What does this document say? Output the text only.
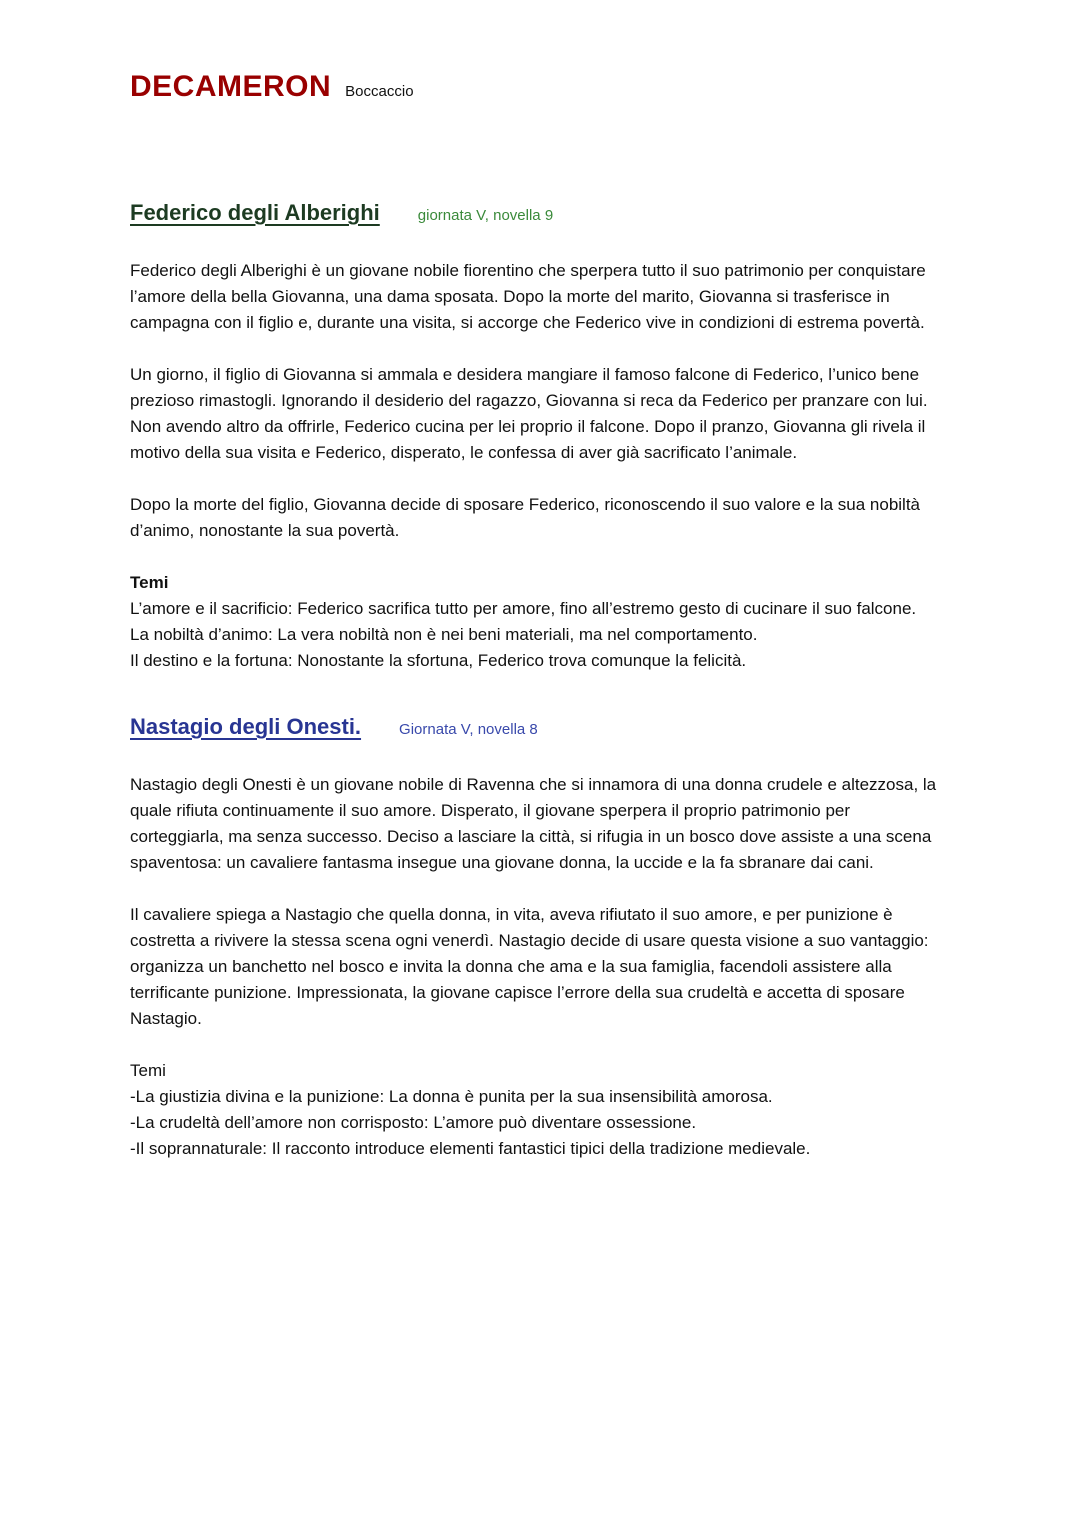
DECAMERON Boccaccio
Federico degli Alberighi	giornata V, novella 9
Federico degli Alberighi è un giovane nobile fiorentino che sperpera tutto il suo patrimonio per conquistare l’amore della bella Giovanna, una dama sposata. Dopo la morte del marito, Giovanna si trasferisce in campagna con il figlio e, durante una visita, si accorge che Federico vive in condizioni di estrema povertà.
Un giorno, il figlio di Giovanna si ammala e desidera mangiare il famoso falcone di Federico, l’unico bene prezioso rimastogli. Ignorando il desiderio del ragazzo, Giovanna si reca da Federico per pranzare con lui. Non avendo altro da offrirle, Federico cucina per lei proprio il falcone. Dopo il pranzo, Giovanna gli rivela il motivo della sua visita e Federico, disperato, le confessa di aver già sacrificato l’animale.
Dopo la morte del figlio, Giovanna decide di sposare Federico, riconoscendo il suo valore e la sua nobiltà d’animo, nonostante la sua povertà.
Temi
L’amore e il sacrificio: Federico sacrifica tutto per amore, fino all’estremo gesto di cucinare il suo falcone.
La nobiltà d’animo: La vera nobiltà non è nei beni materiali, ma nel comportamento.
Il destino e la fortuna: Nonostante la sfortuna, Federico trova comunque la felicità.
Nastagio degli Onesti.	Giornata V, novella 8
Nastagio degli Onesti è un giovane nobile di Ravenna che si innamora di una donna crudele e altezzosa, la quale rifiuta continuamente il suo amore. Disperato, il giovane sperpera il proprio patrimonio per corteggiarla, ma senza successo. Deciso a lasciare la città, si rifugia in un bosco dove assiste a una scena spaventosa: un cavaliere fantasma insegue una giovane donna, la uccide e la fa sbranare dai cani.
Il cavaliere spiega a Nastagio che quella donna, in vita, aveva rifiutato il suo amore, e per punizione è costretta a rivivere la stessa scena ogni venerdì. Nastagio decide di usare questa visione a suo vantaggio: organizza un banchetto nel bosco e invita la donna che ama e la sua famiglia, facendoli assistere alla terrificante punizione. Impressionata, la giovane capisce l’errore della sua crudeltà e accetta di sposare Nastagio.
Temi
-La giustizia divina e la punizione: La donna è punita per la sua insensibilità amorosa.
-La crudeltà dell’amore non corrisposto: L’amore può diventare ossessione.
-Il soprannaturale: Il racconto introduce elementi fantastici tipici della tradizione medievale.
